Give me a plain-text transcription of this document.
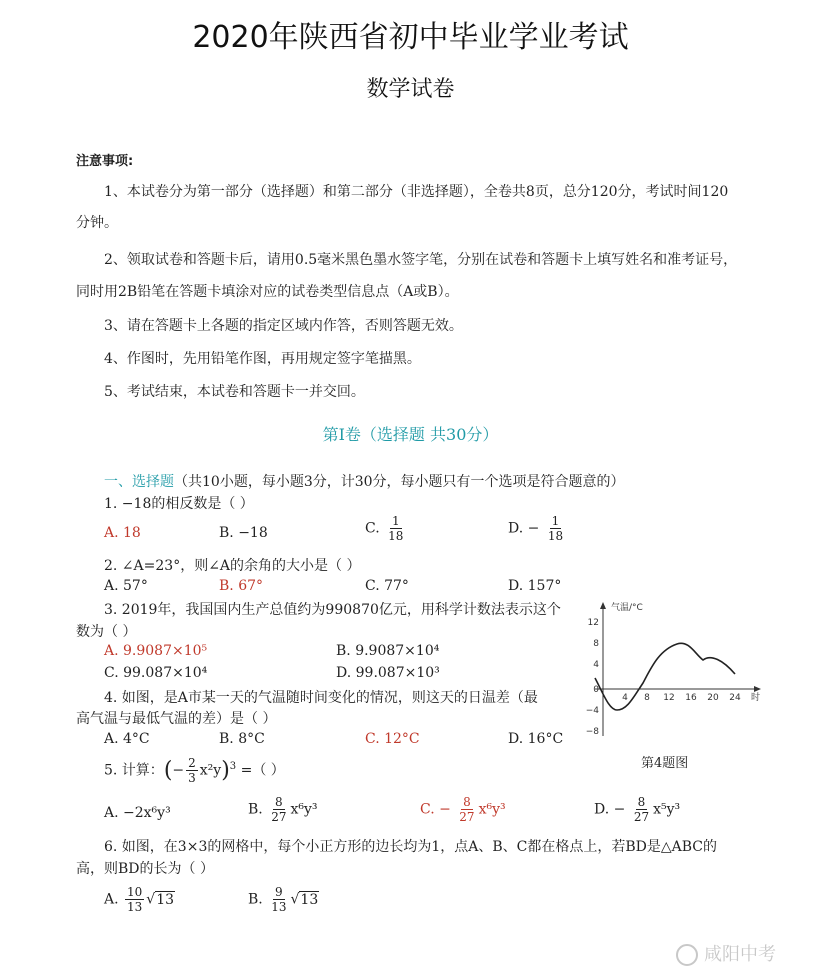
2020年陕西省初中毕业学业考试
数学试卷
注意事项:
1、本试卷分为第一部分（选择题）和第二部分（非选择题），全卷共8页，总分120分，考试时间120
分钟。
2、领取试卷和答题卡后，请用0.5毫米黑色墨水签字笔，分别在试卷和答题卡上填写姓名和准考证号，
同时用2B铅笔在答题卡填涂对应的试卷类型信息点（A或B）。
3、请在答题卡上各题的指定区域内作答，否则答题无效。
4、作图时，先用铅笔作图，再用规定签字笔描黑。
5、考试结束，本试卷和答题卡一并交回。
第Ⅰ卷（选择题 共30分）
一、选择题（共10小题，每小题3分，计30分，每小题只有一个选项是符合题意的）
1. −18的相反数是（ ）
A. 18	B. −18	C. $\frac{1}{18}$	D. − $\frac{1}{18}$
2. ∠A=23°，则∠A的余角的大小是（ ）
A. 57°	B. 67°	C. 77°	D. 157°
3. 2019年，我国国内生产总值约为990870亿元，用科学计数法表示这个
数为（ ）
A. 9.9087×10⁵	B. 9.9087×10⁴
C. 99.087×10⁴	D. 99.087×10³
4. 如图，是A市某一天的气温随时间变化的情况，则这天的日温差（最
高气温与最低气温的差）是（ ）
A. 4°C	B. 8°C	C. 12°C	D. 16°C
气温/°C
时
12
8
4
0
−4
−8
4 8 12 16 20 24
第4题图
5. 计算：(− $\frac{2}{3} x^2y)^3$ =（ ）
A. −2x⁶y³	B. $\frac{8}{27} x^6y^3$	C. − $\frac{8}{27} x^6y^3$	D. − $\frac{8}{27} x^5y^3$
6. 如图，在3×3的网格中，每个小正方形的边长均为1，点A、B、C都在格点上，若BD是△ABC的
高，则BD的长为（ ）
A. $\frac{10}{13} √13$	B. $\frac{9}{13} √13$
咸阳中考
